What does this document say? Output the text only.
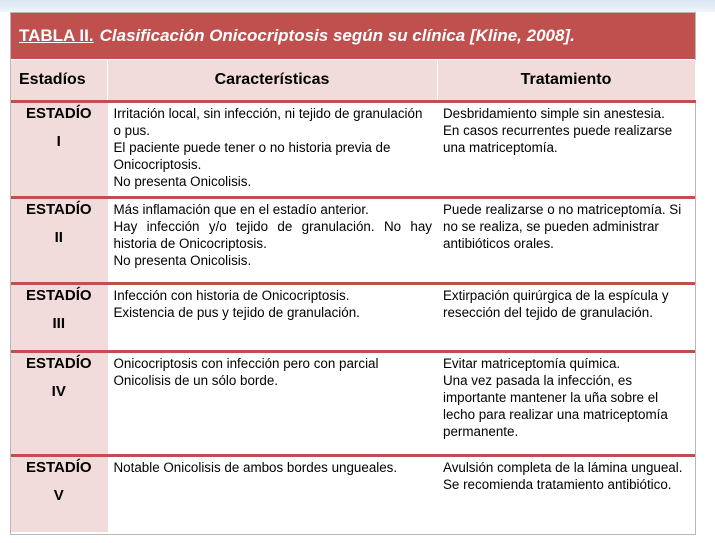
TABLA II. Clasificación Onicocriptosis según su clínica [Kline, 2008].
Estadíos	Características	Tratamiento
ESTADÍO
I	Irritación local, sin infección, ni tejido de granulación o pus.
El paciente puede tener o no historia previa de Onicocriptosis.
No presenta Onicolisis.	Desbridamiento simple sin anestesia.
En casos recurrentes puede realizarse una matriceptomía.

ESTADÍO
II	Más inflamación que en el estadío anterior.
Hay infección y/o tejido de granulación. No hay historia de Onicocriptosis.
No presenta Onicolisis.	Puede realizarse o no matriceptomía. Si no se realiza, se pueden administrar antibióticos orales.

ESTADÍO
III	Infección con historia de Onicocriptosis.
Existencia de pus y tejido de granulación.	Extirpación quirúrgica de la espícula y resección del tejido de granulación.

ESTADÍO
IV	Onicocriptosis con infección pero con parcial Onicolisis de un sólo borde.	Evitar matriceptomía química.
Una vez pasada la infección, es importante mantener la uña sobre el lecho para realizar una matriceptomía permanente.

ESTADÍO
V	Notable Onicolisis de ambos bordes ungueales.	Avulsión completa de la lámina ungueal.
Se recomienda tratamiento antibiótico.
